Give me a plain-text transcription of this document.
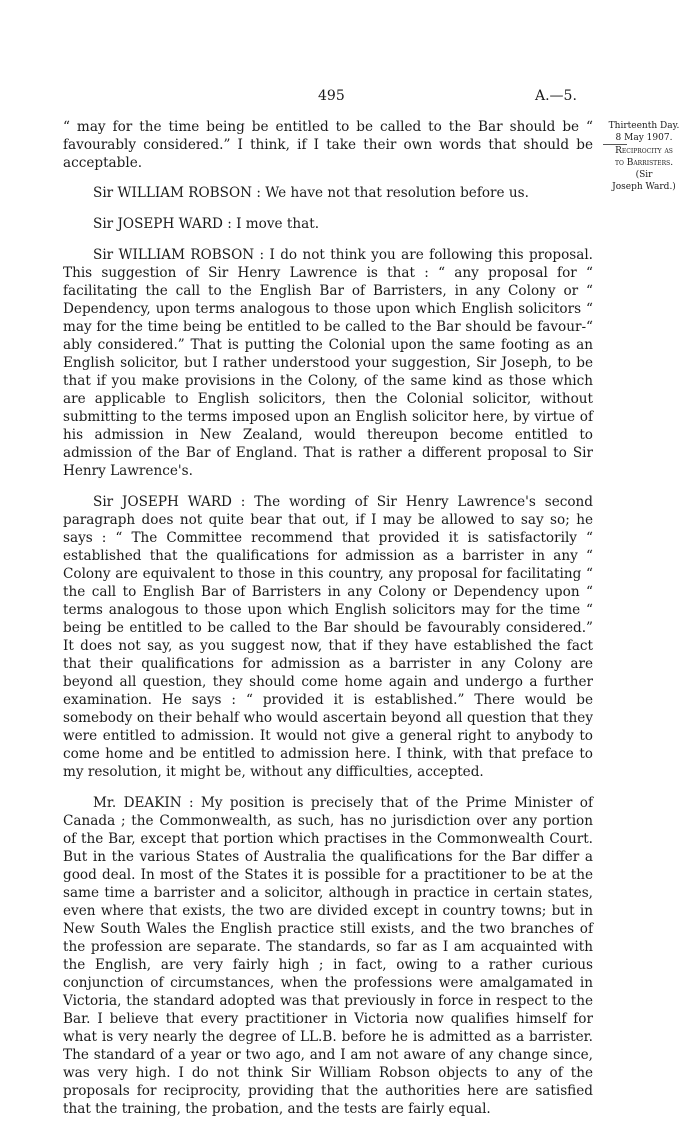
495	A.—5.
Thirteenth Day.
8 May 1907.
Reciprocity as
to Barristers.
(Sir
Joseph Ward.)

“ may for the time being be entitled to be called to the Bar should be “ favourably considered.” I think, if I take their own words that should be acceptable.

Sir WILLIAM ROBSON : We have not that resolution before us.

Sir JOSEPH WARD : I move that.

Sir WILLIAM ROBSON : I do not think you are following this proposal. This suggestion of Sir Henry Lawrence is that : “ any proposal for “ facilitating the call to the English Bar of Barristers, in any Colony or “ Dependency, upon terms analogous to those upon which English solicitors “ may for the time being be entitled to be called to the Bar should be favour-“ ably considered.” That is putting the Colonial upon the same footing as an English solicitor, but I rather understood your suggestion, Sir Joseph, to be that if you make provisions in the Colony, of the same kind as those which are applicable to English solicitors, then the Colonial solicitor, without submitting to the terms imposed upon an English solicitor here, by virtue of his admission in New Zealand, would thereupon become entitled to admission of the Bar of England. That is rather a different proposal to Sir Henry Lawrence's.

Sir JOSEPH WARD : The wording of Sir Henry Lawrence's second paragraph does not quite bear that out, if I may be allowed to say so; he says : “ The Committee recommend that provided it is satisfactorily “ established that the qualifications for admission as a barrister in any “ Colony are equivalent to those in this country, any proposal for facilitating “ the call to English Bar of Barristers in any Colony or Dependency upon “ terms analogous to those upon which English solicitors may for the time “ being be entitled to be called to the Bar should be favourably considered.” It does not say, as you suggest now, that if they have established the fact that their qualifications for admission as a barrister in any Colony are beyond all question, they should come home again and undergo a further examination. He says : “ provided it is established.” There would be somebody on their behalf who would ascertain beyond all question that they were entitled to admission. It would not give a general right to anybody to come home and be entitled to admission here. I think, with that preface to my resolution, it might be, without any difficulties, accepted.

Mr. DEAKIN : My position is precisely that of the Prime Minister of Canada ; the Commonwealth, as such, has no jurisdiction over any portion of the Bar, except that portion which practises in the Commonwealth Court. But in the various States of Australia the qualifications for the Bar differ a good deal. In most of the States it is possible for a practitioner to be at the same time a barrister and a solicitor, although in practice in certain states, even where that exists, the two are divided except in country towns; but in New South Wales the English practice still exists, and the two branches of the profession are separate. The standards, so far as I am acquainted with the English, are very fairly high ; in fact, owing to a rather curious conjunction of circumstances, when the professions were amalgamated in Victoria, the standard adopted was that previously in force in respect to the Bar. I believe that every practitioner in Victoria now qualifies himself for what is very nearly the degree of LL.B. before he is admitted as a barrister. The standard of a year or two ago, and I am not aware of any change since, was very high. I do not think Sir William Robson objects to any of the proposals for reciprocity, providing that the authorities here are satisfied that the training, the probation, and the tests are fairly equal.
